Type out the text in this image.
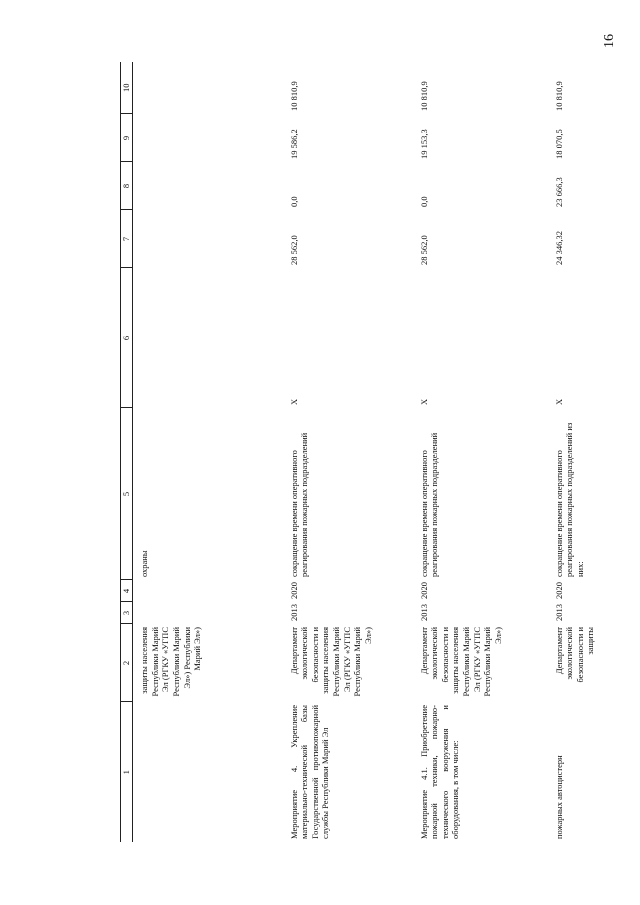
16
1	2	3	4	5	6	7	8	9	10
	защиты населения Республики Марий Эл (РГКУ «УГПС Республики Марий Эл») Республики Марий Эл»)			охраны					
Мероприятие 4. Укрепление материально-технической базы Государственной противопожарной службы Республики Марий Эл	Департамент экологической безопасности и защиты населения Республики Марий Эл (РГКУ «УГПС Республики Марий Эл»)	2013	2020	сокращение времени оперативного реагирования пожарных подразделений	X	28 562,0	0,0	19 586,2	10 810,9
Мероприятие 4.1. Приобретение пожарной техники, пожарно-технического вооружения и оборудования, в том числе:	Департамент экологической безопасности и защиты населения Республики Марий Эл (РГКУ «УГПС Республики Марий Эл»)	2013	2020	сокращение времени оперативного реагирования пожарных подразделений	X	28 562,0	0,0	19 153,3	10 810,9
пожарных автоцистерн	Департамент экологической безопасности и защиты	2013	2020	сокращение времени оперативного реагирования пожарных подразделений из них:	X	24 346,32	23 666,3	18 070,5	10 810,9
